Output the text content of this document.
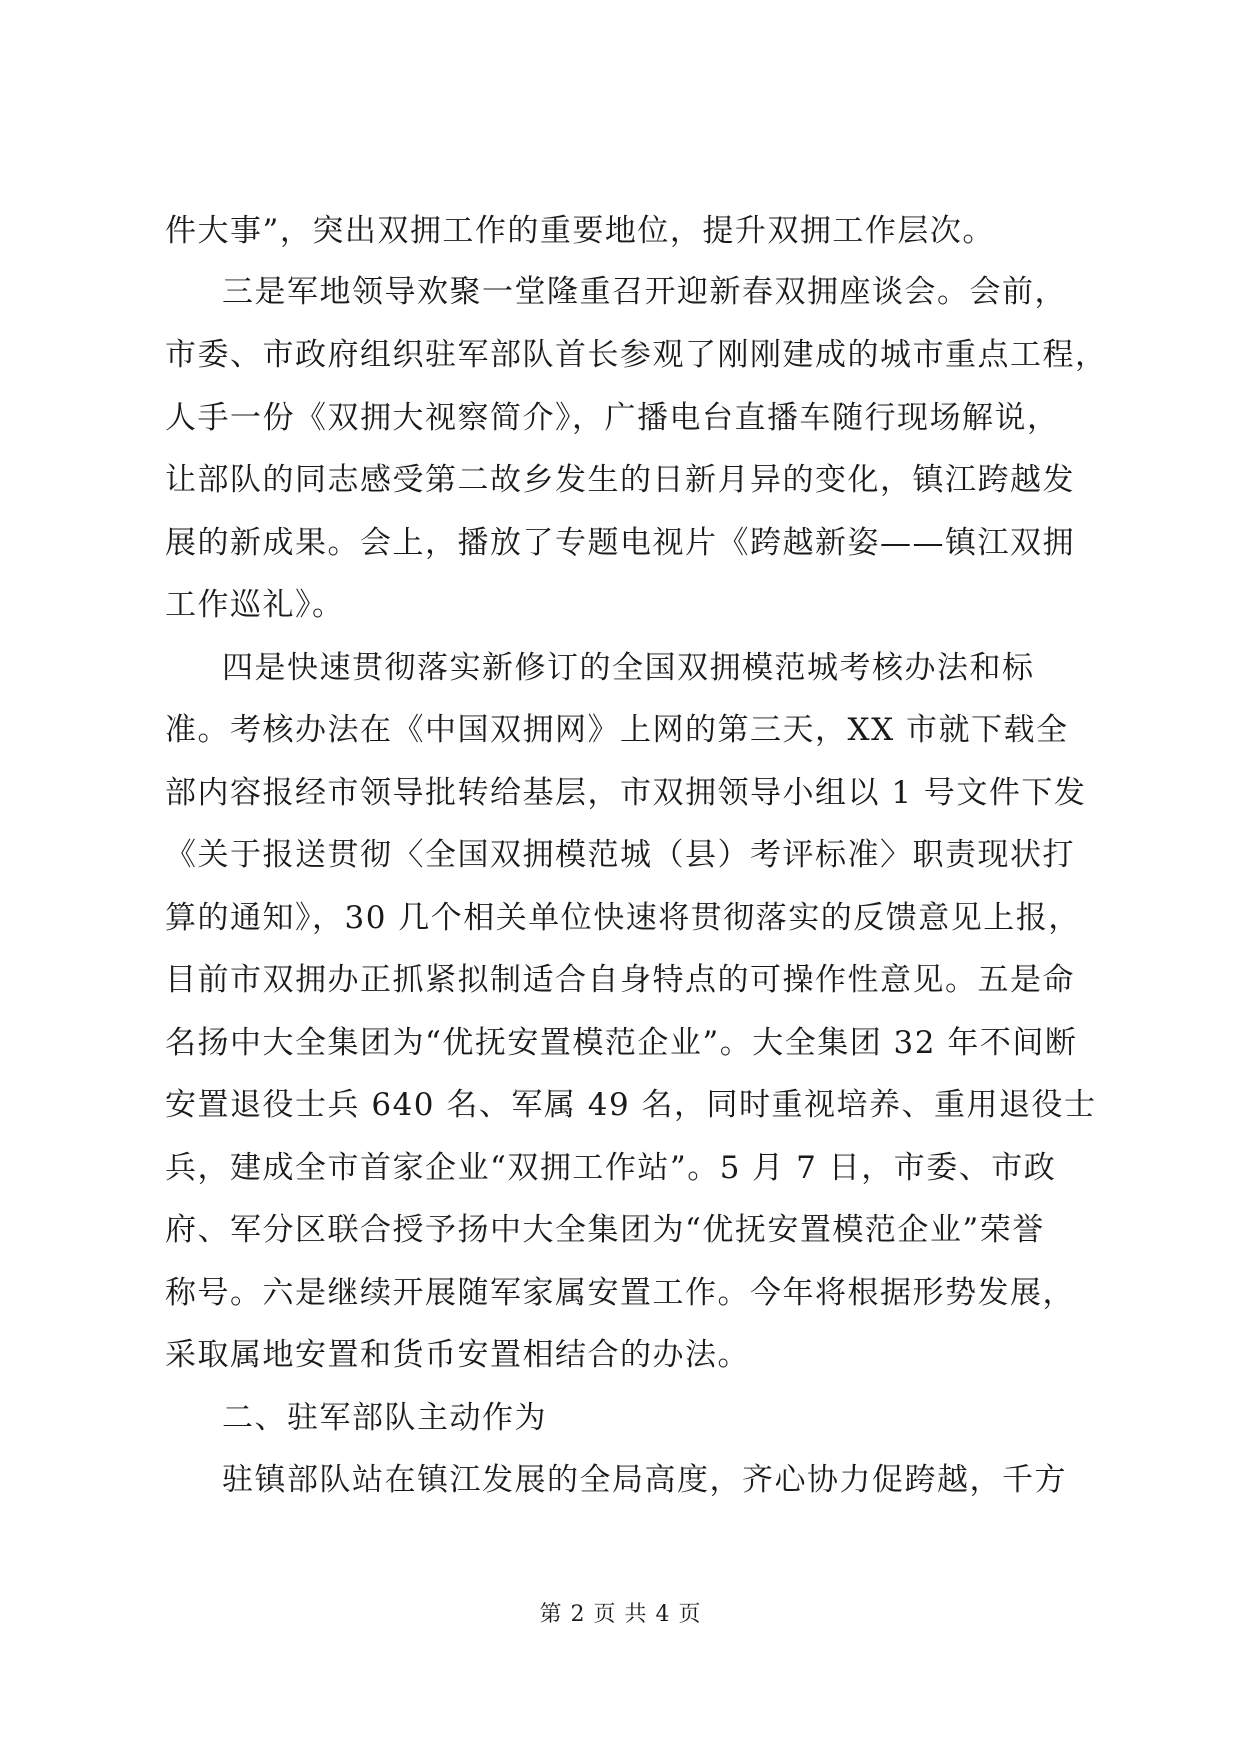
件大事”，突出双拥工作的重要地位，提升双拥工作层次。
三是军地领导欢聚一堂隆重召开迎新春双拥座谈会。会前，
市委、市政府组织驻军部队首长参观了刚刚建成的城市重点工程，
人手一份《双拥大视察简介》，广播电台直播车随行现场解说，
让部队的同志感受第二故乡发生的日新月异的变化，镇江跨越发
展的新成果。会上，播放了专题电视片《跨越新姿——镇江双拥
工作巡礼》。
四是快速贯彻落实新修订的全国双拥模范城考核办法和标
准。考核办法在《中国双拥网》上网的第三天，XX 市就下载全
部内容报经市领导批转给基层，市双拥领导小组以 1 号文件下发
《关于报送贯彻〈全国双拥模范城（县）考评标准〉职责现状打
算的通知》，30 几个相关单位快速将贯彻落实的反馈意见上报，
目前市双拥办正抓紧拟制适合自身特点的可操作性意见。五是命
名扬中大全集团为“优抚安置模范企业”。大全集团 32 年不间断
安置退役士兵 640 名、军属 49 名，同时重视培养、重用退役士
兵，建成全市首家企业“双拥工作站”。5 月 7 日，市委、市政
府、军分区联合授予扬中大全集团为“优抚安置模范企业”荣誉
称号。六是继续开展随军家属安置工作。今年将根据形势发展，
采取属地安置和货币安置相结合的办法。
二、驻军部队主动作为
驻镇部队站在镇江发展的全局高度，齐心协力促跨越，千方
第 2 页 共 4 页
